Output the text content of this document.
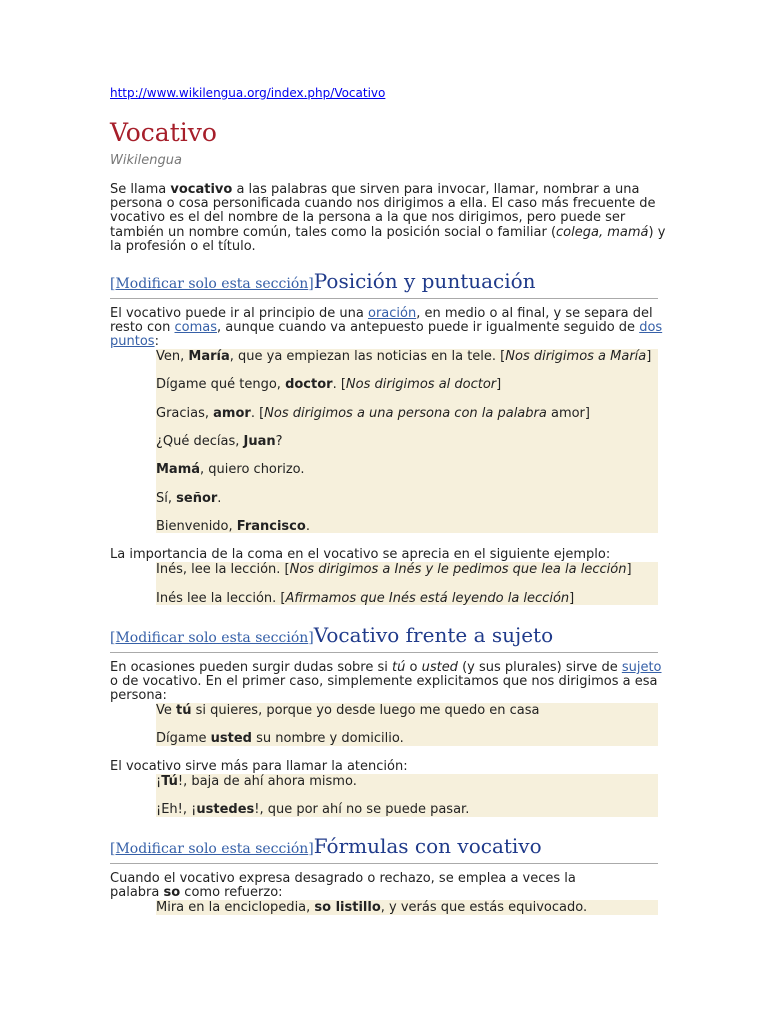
http://www.wikilengua.org/index.php/Vocativo
Vocativo
Wikilengua
Se llama vocativo a las palabras que sirven para invocar, llamar, nombrar a una persona o cosa personificada cuando nos dirigimos a ella. El caso más frecuente de vocativo es el del nombre de la persona a la que nos dirigimos, pero puede ser también un nombre común, tales como la posición social o familiar (colega, mamá) y la profesión o el título.
[Modificar solo esta sección]Posición y puntuación
El vocativo puede ir al principio de una oración, en medio o al final, y se separa del resto con comas, aunque cuando va antepuesto puede ir igualmente seguido de dos puntos:
Ven, María, que ya empiezan las noticias en la tele. [Nos dirigimos a María]
Dígame qué tengo, doctor. [Nos dirigimos al doctor]
Gracias, amor. [Nos dirigimos a una persona con la palabra amor]
¿Qué decías, Juan?
Mamá, quiero chorizo.
Sí, señor.
Bienvenido, Francisco.
La importancia de la coma en el vocativo se aprecia en el siguiente ejemplo:
Inés, lee la lección. [Nos dirigimos a Inés y le pedimos que lea la lección]
Inés lee la lección. [Afirmamos que Inés está leyendo la lección]
[Modificar solo esta sección]Vocativo frente a sujeto
En ocasiones pueden surgir dudas sobre si tú o usted (y sus plurales) sirve de sujeto o de vocativo. En el primer caso, simplemente explicitamos que nos dirigimos a esa persona:
Ve tú si quieres, porque yo desde luego me quedo en casa
Dígame usted su nombre y domicilio.
El vocativo sirve más para llamar la atención:
¡Tú!, baja de ahí ahora mismo.
¡Eh!, ¡ustedes!, que por ahí no se puede pasar.
[Modificar solo esta sección]Fórmulas con vocativo
Cuando el vocativo expresa desagrado o rechazo, se emplea a veces la palabra so como refuerzo:
Mira en la enciclopedia, so listillo, y verás que estás equivocado.
